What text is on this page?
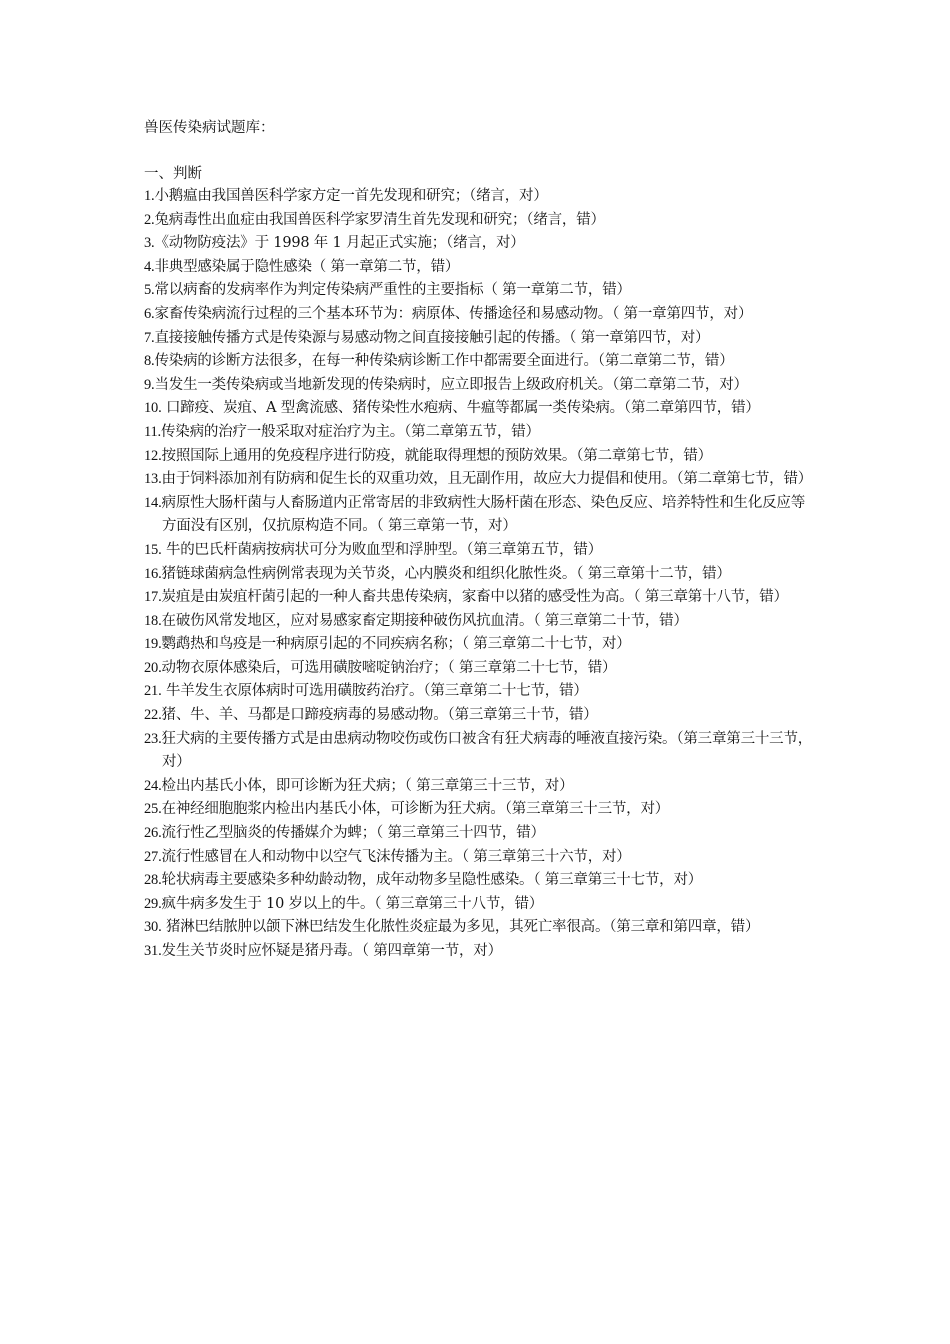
兽医传染病试题库：

一、判断

1.小鹅瘟由我国兽医科学家方定一首先发现和研究；（绪言，对）
2.兔病毒性出血症由我国兽医科学家罗清生首先发现和研究；（绪言，错）
3.《动物防疫法》于 1998 年 1 月起正式实施；（绪言，对）
4.非典型感染属于隐性感染（ 第一章第二节，错）
5.常以病畜的发病率作为判定传染病严重性的主要指标（ 第一章第二节，错）
6.家畜传染病流行过程的三个基本环节为：病原体、传播途径和易感动物。（ 第一章第四节，对）
7.直接接触传播方式是传染源与易感动物之间直接接触引起的传播。（ 第一章第四节，对）
8.传染病的诊断方法很多，在每一种传染病诊断工作中都需要全面进行。（第二章第二节，错）
9.当发生一类传染病或当地新发现的传染病时，应立即报告上级政府机关。（第二章第二节，对）
10. 口蹄疫、炭疽、A 型禽流感、猪传染性水疱病、牛瘟等都属一类传染病。（第二章第四节，错）
11.传染病的治疗一般采取对症治疗为主。（第二章第五节，错）
12.按照国际上通用的免疫程序进行防疫，就能取得理想的预防效果。（第二章第七节，错）
13.由于饲料添加剂有防病和促生长的双重功效，且无副作用，故应大力提倡和使用。（第二章第七节，错）
14.病原性大肠杆菌与人畜肠道内正常寄居的非致病性大肠杆菌在形态、染色反应、培养特性和生化反应等方面没有区别，仅抗原构造不同。（ 第三章第一节，对）
15. 牛的巴氏杆菌病按病状可分为败血型和浮肿型。（第三章第五节，错）
16.猪链球菌病急性病例常表现为关节炎，心内膜炎和组织化脓性炎。（ 第三章第十二节，错）
17.炭疽是由炭疽杆菌引起的一种人畜共患传染病，家畜中以猪的感受性为高。（ 第三章第十八节，错）
18.在破伤风常发地区，应对易感家畜定期接种破伤风抗血清。（ 第三章第二十节，错）
19.鹦鹉热和鸟疫是一种病原引起的不同疾病名称；（ 第三章第二十七节，对）
20.动物衣原体感染后，可选用磺胺嘧啶钠治疗；（ 第三章第二十七节，错）
21. 牛羊发生衣原体病时可选用磺胺药治疗。（第三章第二十七节，错）
22.猪、牛、羊、马都是口蹄疫病毒的易感动物。（第三章第三十节，错）
23.狂犬病的主要传播方式是由患病动物咬伤或伤口被含有狂犬病毒的唾液直接污染。（第三章第三十三节，对）
24.检出内基氏小体，即可诊断为狂犬病；（ 第三章第三十三节，对）
25.在神经细胞胞浆内检出内基氏小体，可诊断为狂犬病。（第三章第三十三节，对）
26.流行性乙型脑炎的传播媒介为蜱；（ 第三章第三十四节，错）
27.流行性感冒在人和动物中以空气飞沫传播为主。（ 第三章第三十六节，对）
28.轮状病毒主要感染多种幼龄动物，成年动物多呈隐性感染。（ 第三章第三十七节，对）
29.疯牛病多发生于 10 岁以上的牛。（ 第三章第三十八节，错）
30. 猪淋巴结脓肿以颌下淋巴结发生化脓性炎症最为多见，其死亡率很高。（第三章和第四章，错）
31.发生关节炎时应怀疑是猪丹毒。（ 第四章第一节，对）
